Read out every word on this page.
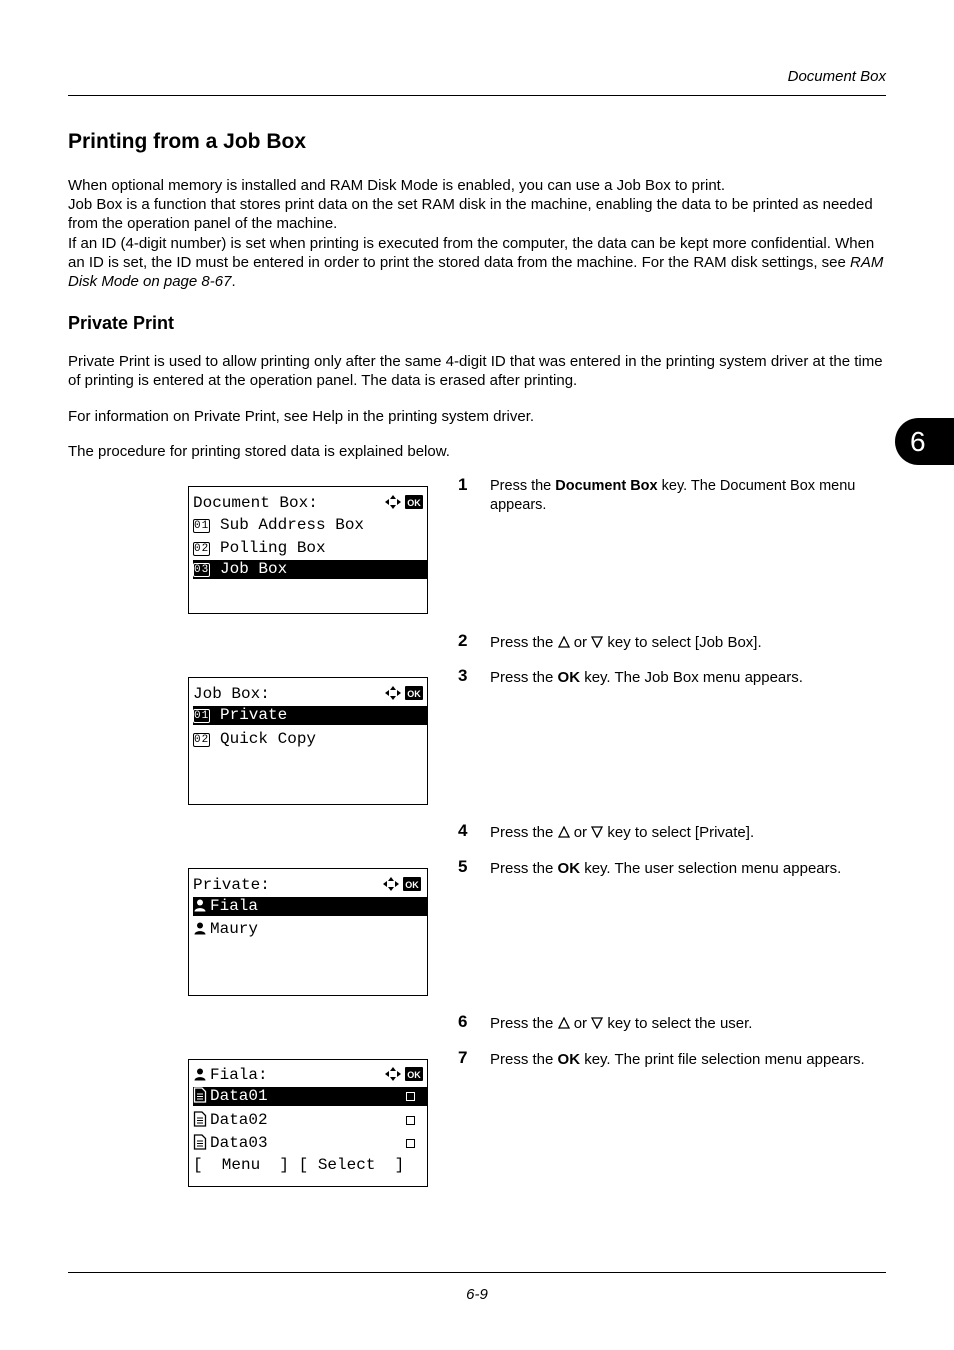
Document Box
Printing from a Job Box

When optional memory is installed and RAM Disk Mode is enabled, you can use a Job Box to print.

Job Box is a function that stores print data on the set RAM disk in the machine, enabling the data to be printed as needed from the operation panel of the machine.

If an ID (4-digit number) is set when printing is executed from the computer, the data can be kept more confidential. When an ID is set, the ID must be entered in order to print the stored data from the machine. For the RAM disk settings, see RAM Disk Mode on page 8-67.

Private Print
Private Print is used to allow printing only after the same 4-digit ID that was entered in the printing system driver at the time of printing is entered at the operation panel. The data is erased after printing.
For information on Private Print, see Help in the printing system driver.
The procedure for printing stored data is explained below.	6
1 Press the Document Box key. The Document Box menu appears.
2 Press the  or  key to select [Job Box].
3 Press the OK key. The Job Box menu appears.
4 Press the  or  key to select [Private].
5 Press the OK key. The user selection menu appears.
6 Press the  or  key to select the user.
7 Press the OK key. The print file selection menu appears.
Document Box:	OK
01 Sub Address Box
02 Polling Box
03 Job Box
Job Box:	OK
01 Private
02 Quick Copy
Private:	OK
Fiala
Maury
Fiala:	OK
Data01
Data02
Data03
[  Menu  ] [ Select  ]
6-9
